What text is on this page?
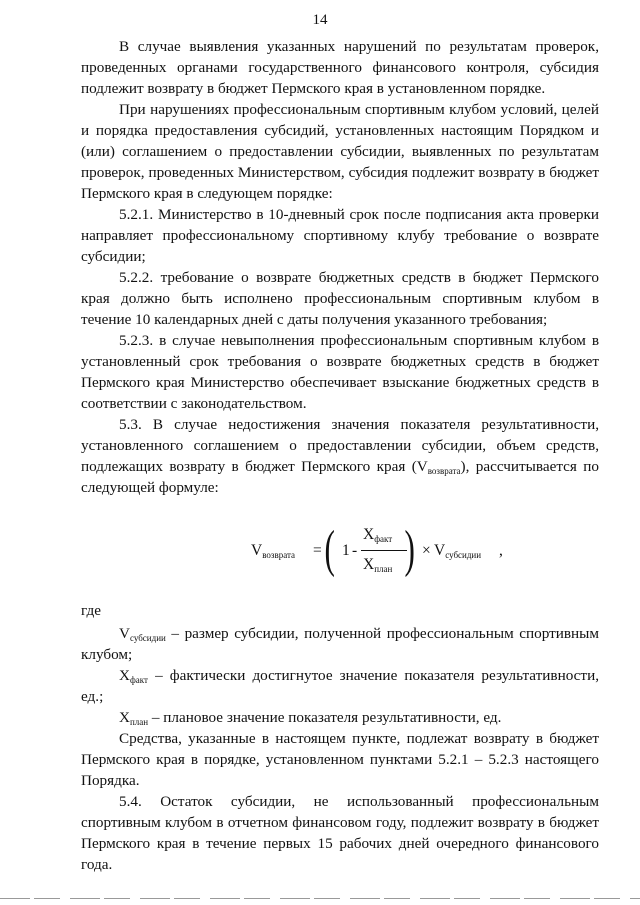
14

В случае выявления указанных нарушений по результатам проверок, проведенных органами государственного финансового контроля, субсидия подлежит возврату в бюджет Пермского края в установленном порядке.

При нарушениях профессиональным спортивным клубом условий, целей и порядка предоставления субсидий, установленных настоящим Порядком и (или) соглашением о предоставлении субсидии, выявленных по результатам проверок, проведенных Министерством, субсидия подлежит возврату в бюджет Пермского края в следующем порядке:

5.2.1. Министерство в 10-дневный срок после подписания акта проверки направляет профессиональному спортивному клубу требование о возврате субсидии;

5.2.2. требование о возврате бюджетных средств в бюджет Пермского края должно быть исполнено профессиональным спортивным клубом в течение 10 календарных дней с даты получения указанного требования;

5.2.3. в случае невыполнения профессиональным спортивным клубом в установленный срок требования о возврате бюджетных средств в бюджет Пермского края Министерство обеспечивает взыскание бюджетных средств в соответствии с законодательством.

5.3. В случае недостижения значения показателя результативности, установленного соглашением о предоставлении субсидии, объем средств, подлежащих возврату в бюджет Пермского края $(V_{возврата})$, рассчитывается по следующей формуле:

$V_{возврата}$ = ( 1 -
$X_{факт}$
$X_{план}$ ) × $V_{субсидии}$ ,

где

$V_{субсидии}$ – размер субсидии, полученной профессиональным спортивным клубом;

$X_{факт}$ – фактически достигнутое значение показателя результативности, ед.;

$X_{план}$ – плановое значение показателя результативности, ед.

Средства, указанные в настоящем пункте, подлежат возврату в бюджет Пермского края в порядке, установленном пунктами 5.2.1 – 5.2.3 настоящего Порядка.

5.4. Остаток субсидии, не использованный профессиональным спортивным клубом в отчетном финансовом году, подлежит возврату в бюджет Пермского края в течение первых 15 рабочих дней очередного финансового года.
